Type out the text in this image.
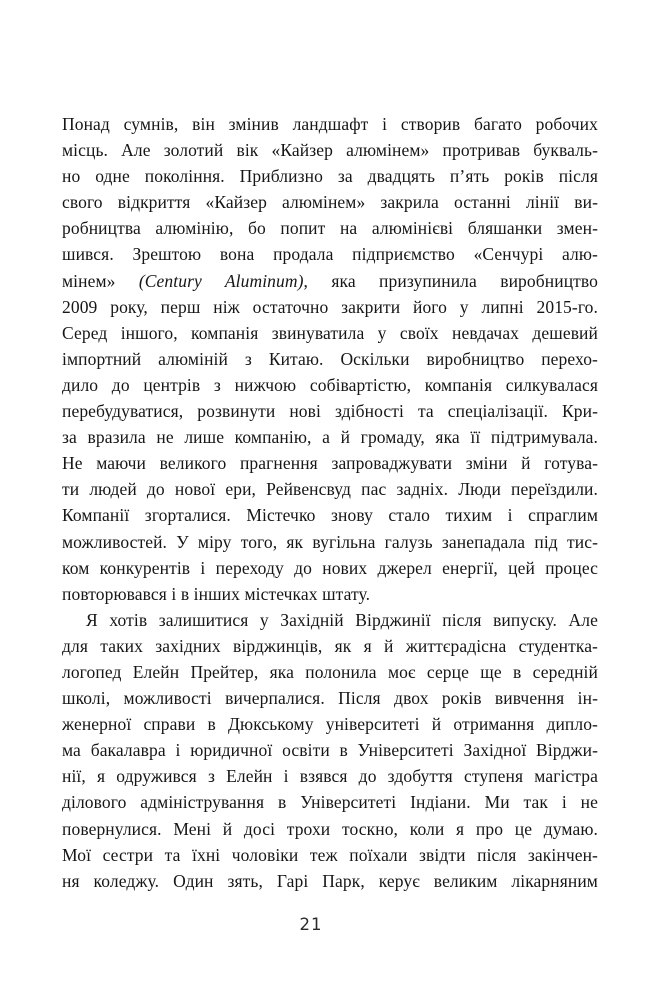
Понад сумнів, він змінив ландшафт і створив багато робочих
місць. Але золотий вік «Кайзер алюмінем» протривав букваль-
но одне покоління. Приблизно за двадцять п’ять років після
свого відкриття «Кайзер алюмінем» закрила останні лінії ви-
робництва алюмінію, бо попит на алюмінієві бляшанки змен-
шився. Зрештою вона продала підприємство «Сенчурі алю-
мінем» (Century Aluminum), яка призупинила виробництво
2009 року, перш ніж остаточно закрити його у липні 2015-го.
Серед іншого, компанія звинуватила у своїх невдачах дешевий
імпортний алюміній з Китаю. Оскільки виробництво перехо-
дило до центрів з нижчою собівартістю, компанія силкувалася
перебудуватися, розвинути нові здібності та спеціалізації. Кри-
за вразила не лише компанію, а й громаду, яка її підтримувала.
Не маючи великого прагнення запроваджувати зміни й готува-
ти людей до нової ери, Рейвенсвуд пас задніх. Люди переїздили.
Компанії згорталися. Містечко знову стало тихим і спраглим
можливостей. У міру того, як вугільна галузь занепадала під тис-
ком конкурентів і переходу до нових джерел енергії, цей процес
повторювався і в інших містечках штату.
Я хотів залишитися у Західній Вірджинії після випуску. Але
для таких західних вірджинців, як я й життєрадісна студентка-
логопед Елейн Прейтер, яка полонила моє серце ще в середній
школі, можливості вичерпалися. Після двох років вивчення ін-
женерної справи в Дюкському університеті й отримання дипло-
ма бакалавра і юридичної освіти в Університеті Західної Вірджи-
нії, я одружився з Елейн і взявся до здобуття ступеня магістра
ділового адміністрування в Університеті Індіани. Ми так і не
повернулися. Мені й досі трохи тоскно, коли я про це думаю.
Мої сестри та їхні чоловіки теж поїхали звідти після закінчен-
ня коледжу. Один зять, Гарі Парк, керує великим лікарняним
21
